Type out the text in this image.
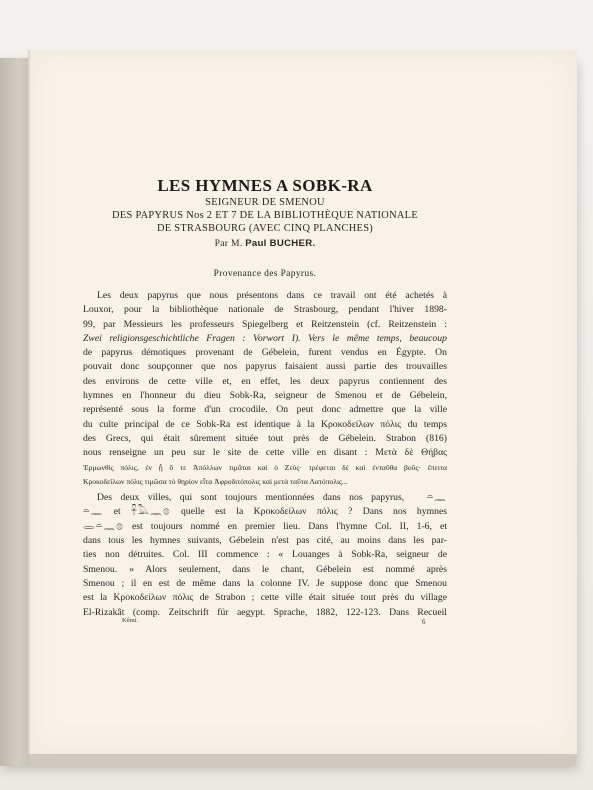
LES HYMNES A SOBK-RA

SEIGNEUR DE SMENOU

DES PAPYRUS Nos 2 ET 7 DE LA BIBLIOTHÈQUE NATIONALE

DE STRASBOURG (AVEC CINQ PLANCHES)

Par M. Paul BUCHER.
Provenance des Papyrus.

Les deux papyrus que nous présentons dans ce travail ont été achetés à
Louxor, pour la bibliothèque nationale de Strasbourg, pendant l'hiver 1898-
99, par Messieurs les professeurs Spiegelberg et Reitzenstein (cf. Reitzenstein :
Zwei religionsgeschichtliche Fragen : Vorwort I). Vers le même temps, beaucoup
de papyrus démotiques provenant de Gébelein, furent vendus en Égypte. On
pouvait donc soupçonner que nos papyrus faisaient aussi partie des trouvailles
des environs de cette ville et, en effet, les deux papyrus contiennent des
hymnes en l'honneur du dieu Sobk-Ra, seigneur de Smenou et de Gébelein,
représenté sous la forme d'un crocodile. On peut donc admettre que la ville
du culte principal de ce Sobk-Ra est identique à la Κροκοδείλων πόλις du temps
des Grecs, qui était sûrement située tout près de Gébelein. Strabon (816)
nous renseigne un peu sur le site de cette ville en disant : Μετὰ δὲ Θήβας
Ἑρμωνθὶς πόλις, ἐν ᾗ ὅ τε Ἀπόλλων τιμᾶται καὶ ὁ Ζεύς· τρέφεται δὲ καὶ ἐνταῦθα βοῦς· ἔπειτα
Κροκοδείλων πόλις τιμῶσα τὸ θηρίον εἶτα Ἀφροδιτόπολις καὶ μετὰ ταῦτα Λατόπολις...

Des deux villes, qui sont toujours mentionnées dans nos papyrus, 𓏏𓈖
𓏏𓈖 et 𓋹𓅓𓈖𓊖 quelle est la Κροκοδείλων πόλις ? Dans nos hymnes
𓂋𓏏𓈖𓊖 est toujours nommé en premier lieu. Dans l'hymne Col. II, 1-6, et
dans tous les hymnes suivants, Gébelein n'est pas cité, au moins dans les par-
ties non détruites. Col. III commence : « Louanges à Sobk-Ra, seigneur de
Smenou. » Alors seulement, dans le chant, Gébelein est nommé après
Smenou ; il en est de même dans la colonne IV. Je suppose donc que Smenou
est la Κροκοδείλων πόλις de Strabon ; cette ville était située tout près du village
El-Rizakât (comp. Zeitschrift für aegypt. Sprache, 1882, 122-123. Dans Recueil

Kêmi.	6
